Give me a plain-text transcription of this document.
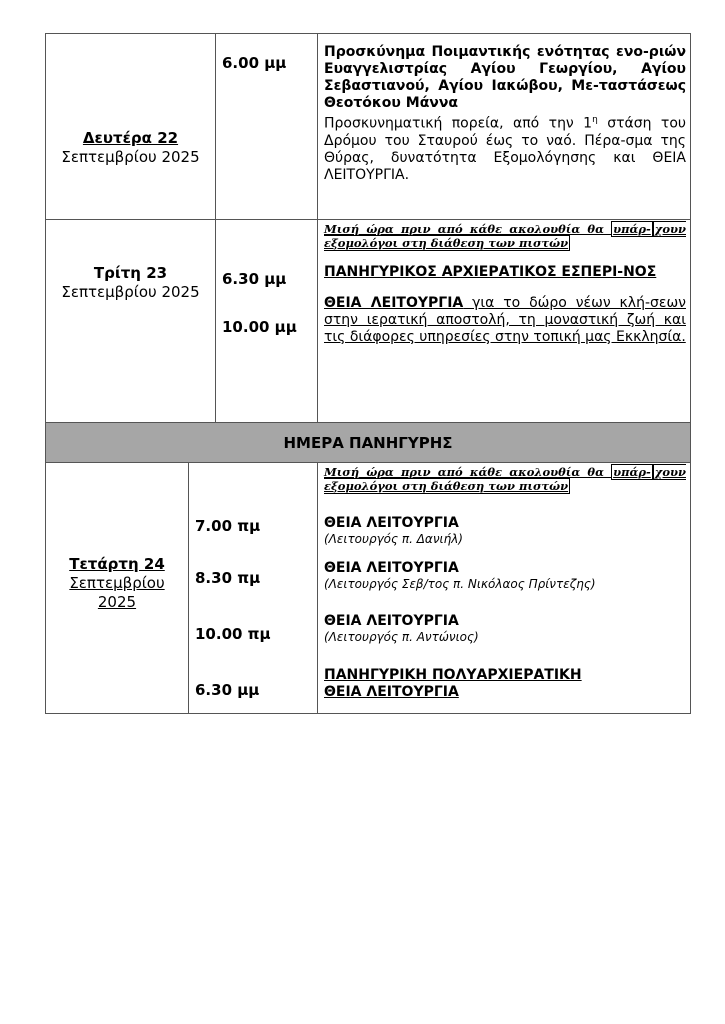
Δευτέρα 22
Σεπτεμβρίου 2025
6.00 μμ
Προσκύνημα Ποιμαντικής ενότητας ενο-ριών Ευαγγελιστρίας Αγίου Γεωργίου, Αγίου Σεβαστιανού, Αγίου Ιακώβου, Με-ταστάσεως Θεοτόκου Μάννα
Προσκυνηματική πορεία, από την $1^\eta$ στάση του Δρόμου του Σταυρού έως το ναό. Πέρα-σμα της Θύρας, δυνατότητα Εξομολόγησης και ΘΕΙΑ ΛΕΙΤΟΥΡΓΙΑ.
Τρίτη 23
Σεπτεμβρίου 2025
6.30 μμ
10.00 μμ
Μισή ώρα πριν από κάθε ακολουθία θα υπάρ- χουν εξομολόγοι στη διάθεση των πιστών
ΠΑΝΗΓΥΡΙΚΟΣ ΑΡΧΙΕΡΑΤΙΚΟΣ ΕΣΠΕΡΙ-ΝΟΣ
ΘΕΙΑ ΛΕΙΤΟΥΡΓΙΑ για το δώρο νέων κλή-σεων στην ιερατική αποστολή, τη μοναστική ζωή και τις διάφορες υπηρεσίες στην τοπική μας Εκκλησία.
ΗΜΕΡΑ ΠΑΝΗΓΥΡΗΣ
Τετάρτη 24
Σεπτεμβρίου
2025
7.00 πμ
8.30 πμ
10.00 πμ
6.30 μμ
Μισή ώρα πριν από κάθε ακολουθία θα υπάρ- χουν εξομολόγοι στη διάθεση των πιστών
ΘΕΙΑ ΛΕΙΤΟΥΡΓΙΑ
(Λειτουργός π. Δανιήλ)
ΘΕΙΑ ΛΕΙΤΟΥΡΓΙΑ
(Λειτουργός Σεβ/τος π. Νικόλαος Πρίντεζης)
ΘΕΙΑ ΛΕΙΤΟΥΡΓΙΑ
(Λειτουργός π. Αντώνιος)
ΠΑΝΗΓΥΡΙΚΗ ΠΟΛΥΑΡΧΙΕΡΑΤΙΚΗ
ΘΕΙΑ ΛΕΙΤΟΥΡΓΙΑ
